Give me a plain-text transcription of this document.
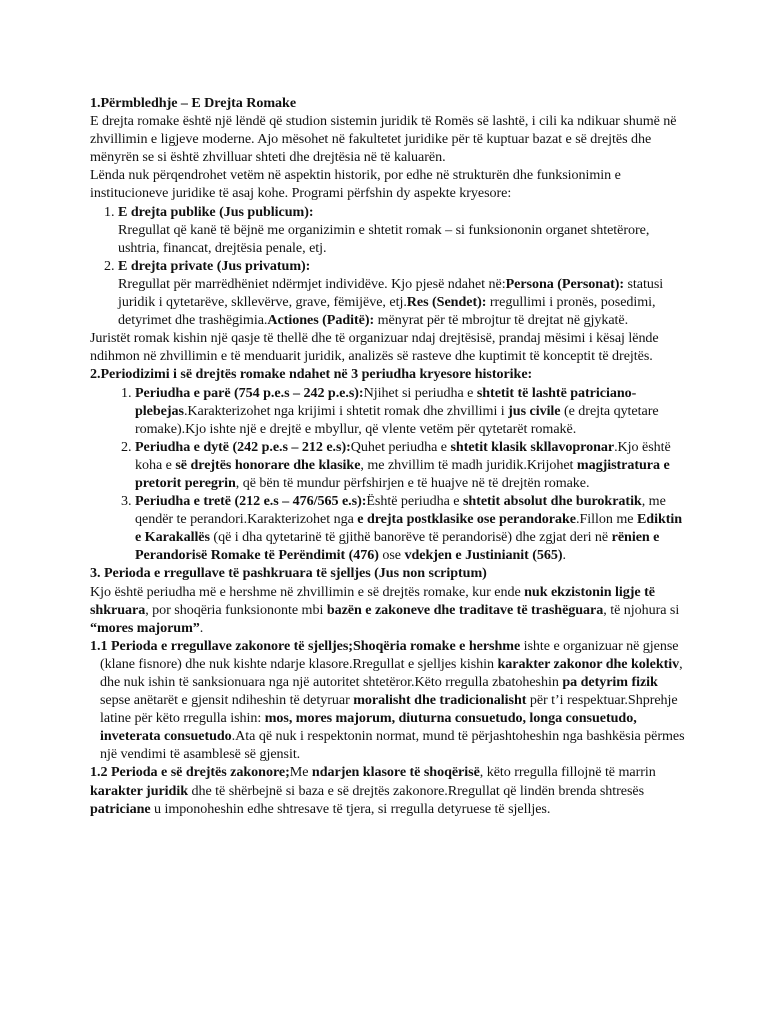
1.Përmbledhje – E Drejta Romake

E drejta romake është një lëndë që studion sistemin juridik të Romës së lashtë, i cili ka ndikuar shumë në zhvillimin e ligjeve moderne. Ajo mësohet në fakultetet juridike për të kuptuar bazat e së drejtës dhe mënyrën se si është zhvilluar shteti dhe drejtësia në të kaluarën.

Lënda nuk përqendrohet vetëm në aspektin historik, por edhe në strukturën dhe funksionimin e institucioneve juridike të asaj kohe. Programi përfshin dy aspekte kryesore:

1. E drejta publike (Jus publicum):
Rregullat që kanë të bëjnë me organizimin e shtetit romak – si funksiononin organet shtetërore, ushtria, financat, drejtësia penale, etj.
2. E drejta private (Jus privatum):
Rregullat për marrëdhëniet ndërmjet individëve. Kjo pjesë ndahet në:Persona (Personat): statusi juridik i qytetarëve, skllevërve, grave, fëmijëve, etj.Res (Sendet): rregullimi i pronës, posedimi, detyrimet dhe trashëgimia.Actiones (Paditë): mënyrat për të mbrojtur të drejtat në gjykatë.

Juristët romak kishin një qasje të thellë dhe të organizuar ndaj drejtësisë, prandaj mësimi i kësaj lënde ndihmon në zhvillimin e të menduarit juridik, analizës së rasteve dhe kuptimit të konceptit të drejtës.

2.Periodizimi i së drejtës romake ndahet në 3 periudha kryesore historike:

1. Periudha e parë (754 p.e.s – 242 p.e.s):Njihet si periudha e shtetit të lashtë patriciano-plebejas.Karakterizohet nga krijimi i shtetit romak dhe zhvillimi i jus civile (e drejta qytetare romake).Kjo ishte një e drejtë e mbyllur, që vlente vetëm për qytetarët romakë.
2. Periudha e dytë (242 p.e.s – 212 e.s):Quhet periudha e shtetit klasik skllavopronar.Kjo është koha e së drejtës honorare dhe klasike, me zhvillim të madh juridik.Krijohet magjistratura e pretorit peregrin, që bën të mundur përfshirjen e të huajve në të drejtën romake.
3. Periudha e tretë (212 e.s – 476/565 e.s):Është periudha e shtetit absolut dhe burokratik, me qendër te perandori.Karakterizohet nga e drejta postklasike ose perandorake.Fillon me Ediktin e Karakallës (që i dha qytetarinë të gjithë banorëve të perandorisë) dhe zgjat deri në rënien e Perandorisë Romake të Perëndimit (476) ose vdekjen e Justinianit (565).

3. Perioda e rregullave të pashkruara të sjelljes (Jus non scriptum)

Kjo është periudha më e hershme në zhvillimin e së drejtës romake, kur ende nuk ekzistonin ligje të shkruara, por shoqëria funksiononte mbi bazën e zakoneve dhe traditave të trashëguara, të njohura si “mores majorum”.

1.1 Perioda e rregullave zakonore të sjelljes;Shoqëria romake e hershme ishte e organizuar në gjense (klane fisnore) dhe nuk kishte ndarje klasore.Rregullat e sjelljes kishin karakter zakonor dhe kolektiv, dhe nuk ishin të sanksionuara nga një autoritet shtetëror.Këto rregulla zbatoheshin pa detyrim fizik sepse anëtarët e gjensit ndiheshin të detyruar moralisht dhe tradicionalisht për t’i respektuar.Shprehje latine për këto rregulla ishin: mos, mores majorum, diuturna consuetudo, longa consuetudo, inveterata consuetudo.Ata që nuk i respektonin normat, mund të përjashtoheshin nga bashkësia përmes një vendimi të asamblesë së gjensit.

1.2 Perioda e së drejtës zakonore;Me ndarjen klasore të shoqërisë, këto rregulla fillojnë të marrin karakter juridik dhe të shërbejnë si baza e së drejtës zakonore.Rregullat që lindën brenda shtresës patriciane u imponoheshin edhe shtresave të tjera, si rregulla detyruese të sjelljes.
